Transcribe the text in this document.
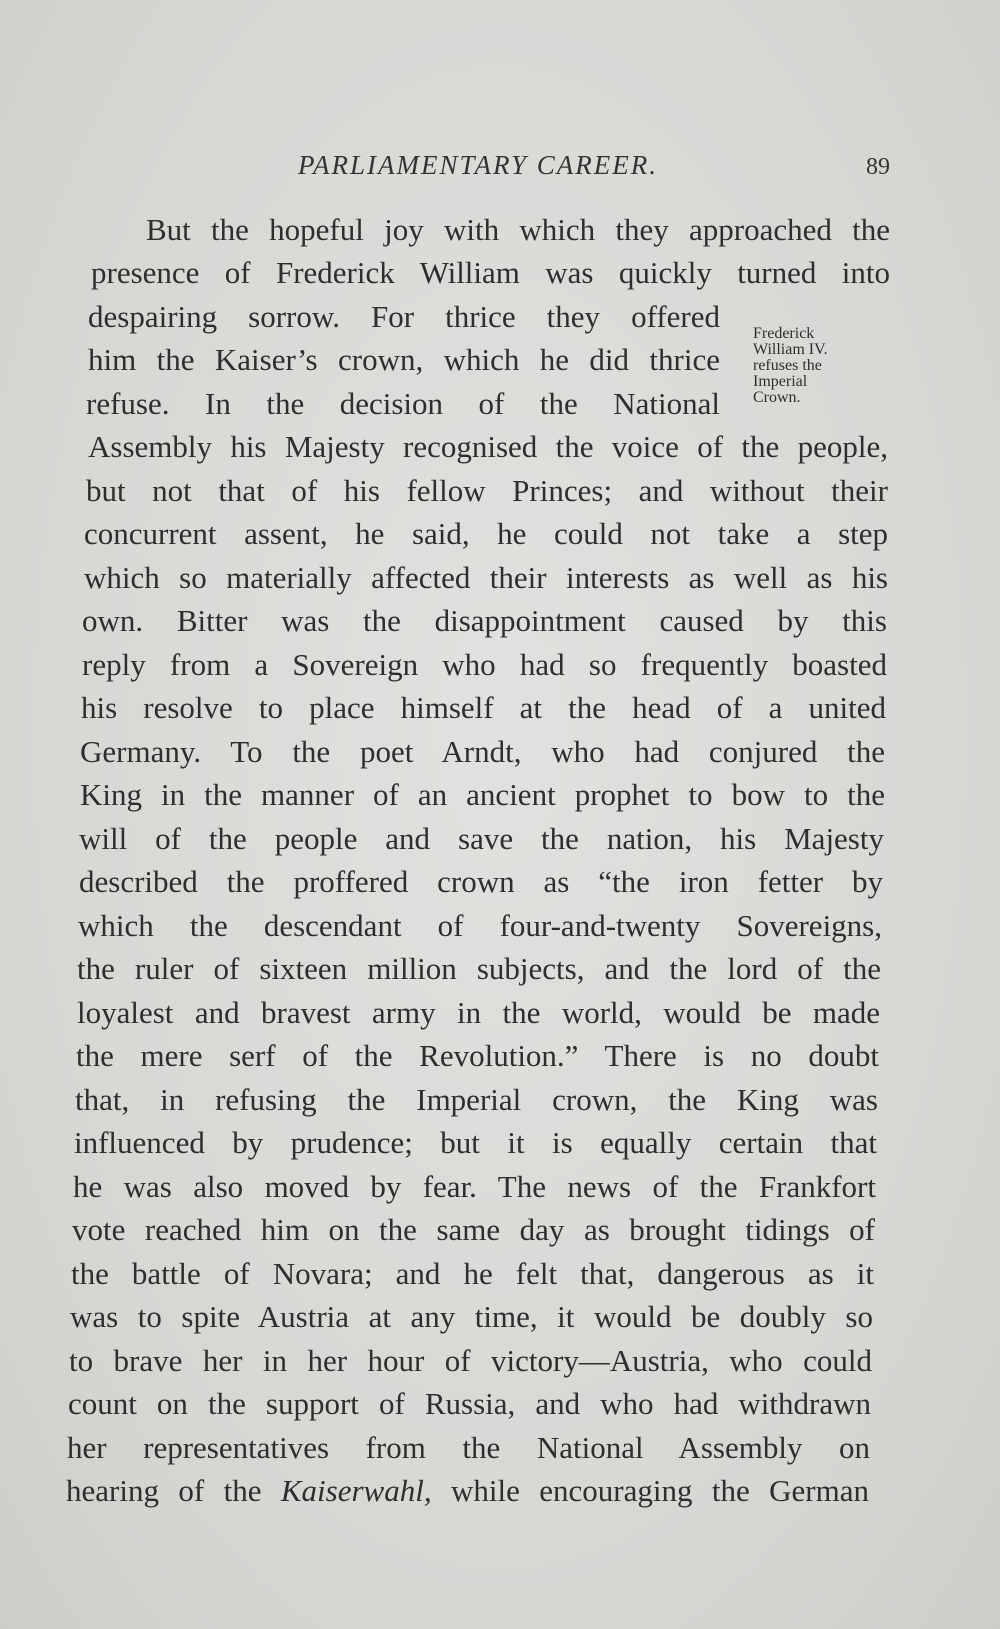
PARLIAMENTARY CAREER.	89
Frederick
William IV.
refuses the
Imperial
Crown.
But the hopeful joy with which they approached the
presence of Frederick William was quickly turned into
despairing sorrow. For thrice they offered
him the Kaiser’s crown, which he did thrice
refuse. In the decision of the National
Assembly his Majesty recognised the voice of the people,
but not that of his fellow Princes; and without their
concurrent assent, he said, he could not take a step
which so materially affected their interests as well as his
own. Bitter was the disappointment caused by this
reply from a Sovereign who had so frequently boasted
his resolve to place himself at the head of a united
Germany. To the poet Arndt, who had conjured the
King in the manner of an ancient prophet to bow to the
will of the people and save the nation, his Majesty
described the proffered crown as “the iron fetter by
which the descendant of four-and-twenty Sovereigns,
the ruler of sixteen million subjects, and the lord of the
loyalest and bravest army in the world, would be made
the mere serf of the Revolution.” There is no doubt
that, in refusing the Imperial crown, the King was
influenced by prudence; but it is equally certain that
he was also moved by fear. The news of the Frankfort
vote reached him on the same day as brought tidings of
the battle of Novara; and he felt that, dangerous as it
was to spite Austria at any time, it would be doubly so
to brave her in her hour of victory—Austria, who could
count on the support of Russia, and who had withdrawn
her representatives from the National Assembly on
hearing of the Kaiserwahl, while encouraging the German
